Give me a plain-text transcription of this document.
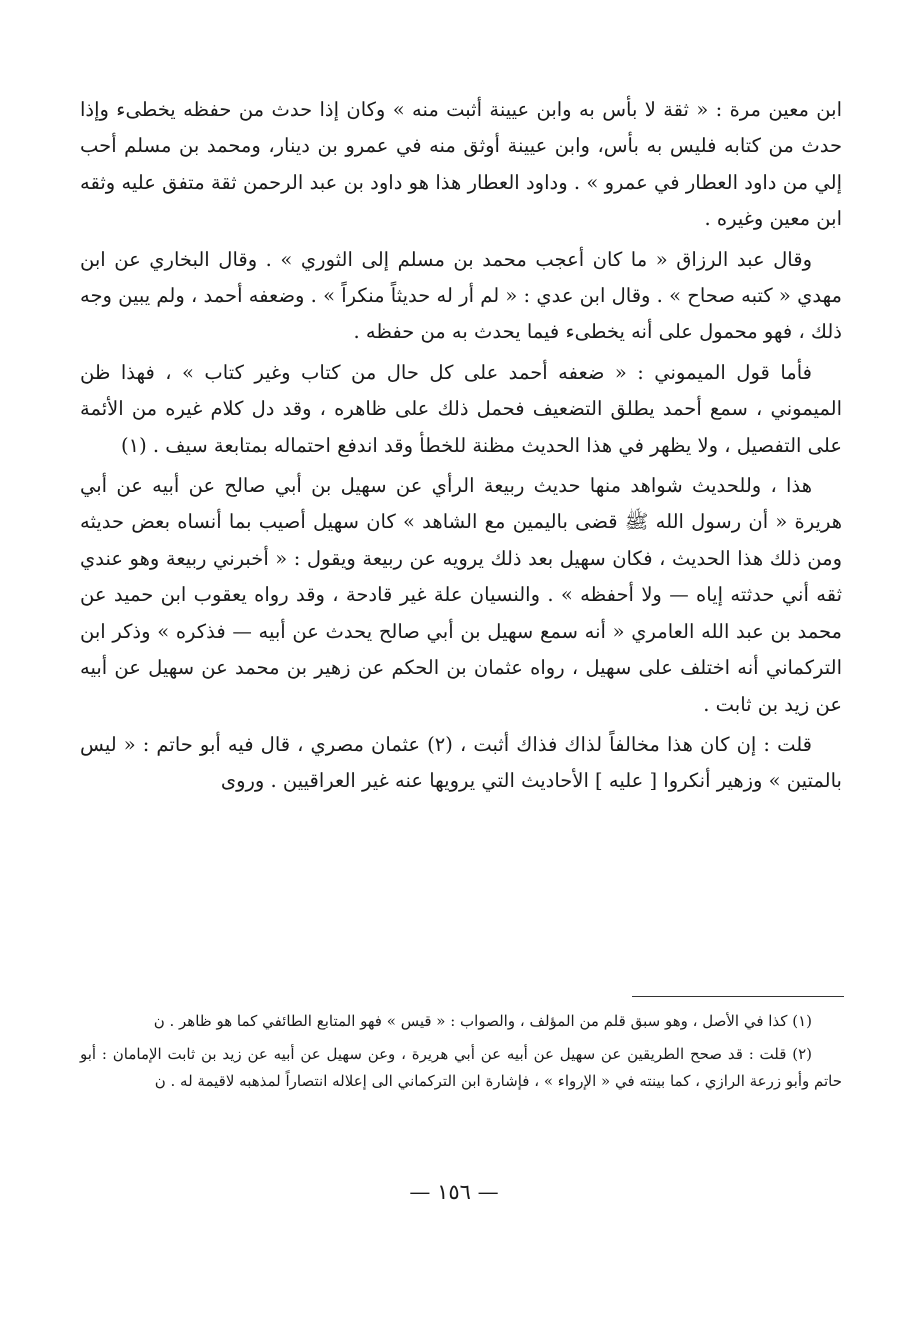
ابن معين مرة : « ثقة لا بأس به وابن عيينة أثبت منه » وكان إذا حدث من حفظه يخطىء وإذا حدث من كتابه فليس به بأس، وابن عيينة أوثق منه في عمرو بن دينار، ومحمد بن مسلم أحب إلي من داود العطار في عمرو » . وداود العطار هذا هو داود بن عبد الرحمن ثقة متفق عليه وثقه ابن معين وغيره .

وقال عبد الرزاق « ما كان أعجب محمد بن مسلم إلى الثوري » . وقال البخاري عن ابن مهدي « كتبه صحاح » . وقال ابن عدي : « لم أر له حديثاً منكراً » . وضعفه أحمد ، ولم يبين وجه ذلك ، فهو محمول على أنه يخطىء فيما يحدث به من حفظه .

فأما قول الميموني : « ضعفه أحمد على كل حال من كتاب وغير كتاب » ، فهذا ظن الميموني ، سمع أحمد يطلق التضعيف فحمل ذلك على ظاهره ، وقد دل كلام غيره من الأئمة على التفصيل ، ولا يظهر في هذا الحديث مظنة للخطأ وقد اندفع احتماله بمتابعة سيف . (١)

هذا ، وللحديث شواهد منها حديث ربيعة الرأي عن سهيل بن أبي صالح عن أبيه عن أبي هريرة « أن رسول الله ﷺ قضى باليمين مع الشاهد » كان سهيل أصيب بما أنساه بعض حديثه ومن ذلك هذا الحديث ، فكان سهيل بعد ذلك يرويه عن ربيعة ويقول : « أخبرني ربيعة وهو عندي ثقه أني حدثته إياه — ولا أحفظه » . والنسيان علة غير قادحة ، وقد رواه يعقوب ابن حميد عن محمد بن عبد الله العامري « أنه سمع سهيل بن أبي صالح يحدث عن أبيه — فذكره » وذكر ابن التركماني أنه اختلف على سهيل ، رواه عثمان بن الحكم عن زهير بن محمد عن سهيل عن أبيه عن زيد بن ثابت .

قلت : إن كان هذا مخالفاً لذاك فذاك أثبت ، (٢) عثمان مصري ، قال فيه أبو حاتم : « ليس بالمتين » وزهير أنكروا [ عليه ] الأحاديث التي يرويها عنه غير العراقيين . وروى

(١) كذا في الأصل ، وهو سبق قلم من المؤلف ، والصواب : « قيس » فهو المتابع الطائفي كما هو ظاهر . ن

(٢) قلت : قد صحح الطريقين عن سهيل عن أبيه عن أبي هريرة ، وعن سهيل عن أبيه عن زيد بن ثابت الإمامان : أبو حاتم وأبو زرعة الرازي ، كما بينته في « الإرواء » ، فإشارة ابن التركماني الى إعلاله انتصاراً لمذهبه لاقيمة له . ن

— ١٥٦ —
